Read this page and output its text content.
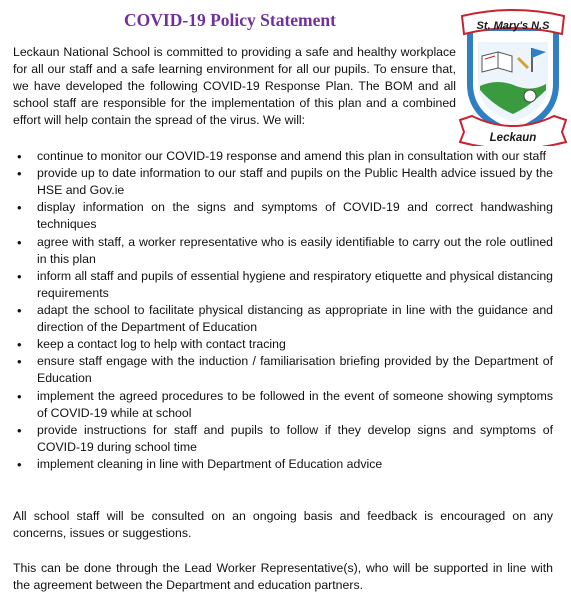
COVID-19 Policy Statement

Leckaun National School is committed to providing a safe and healthy workplace for all our staff and a safe learning environment for all our pupils. To ensure that, we have developed the following COVID-19 Response Plan. The BOM and all school staff are responsible for the implementation of this plan and a combined effort will help contain the spread of the virus. We will:

St. Mary's N.S
Leckaun
• continue to monitor our COVID-19 response and amend this plan in consultation with our staff
• provide up to date information to our staff and pupils on the Public Health advice issued by the HSE and Gov.ie
• display information on the signs and symptoms of COVID-19 and correct handwashing techniques
• agree with staff, a worker representative who is easily identifiable to carry out the role outlined in this plan
• inform all staff and pupils of essential hygiene and respiratory etiquette and physical distancing requirements
• adapt the school to facilitate physical distancing as appropriate in line with the guidance and direction of the Department of Education
• keep a contact log to help with contact tracing
• ensure staff engage with the induction / familiarisation briefing provided by the Department of Education
• implement the agreed procedures to be followed in the event of someone showing symptoms of COVID-19 while at school
• provide instructions for staff and pupils to follow if they develop signs and symptoms of COVID-19 during school time
• implement cleaning in line with Department of Education advice

All school staff will be consulted on an ongoing basis and feedback is encouraged on any concerns, issues or suggestions.

This can be done through the Lead Worker Representative(s), who will be supported in line with the agreement between the Department and education partners.
